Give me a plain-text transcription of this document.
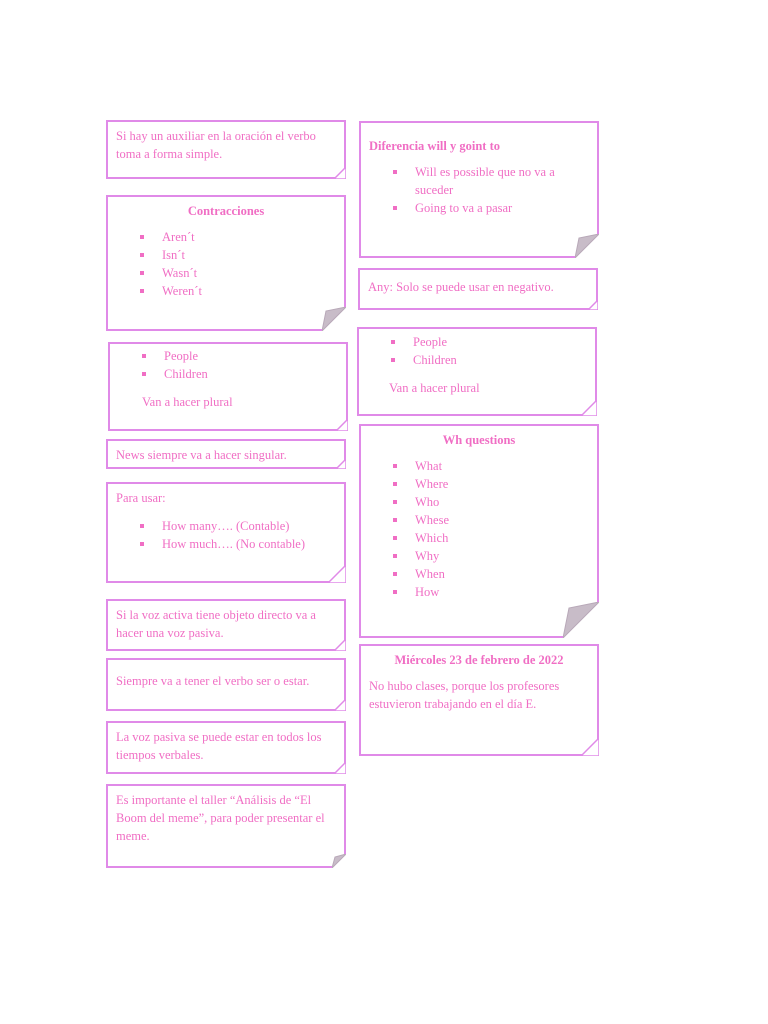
Si hay un auxiliar en la oración el verbo toma a forma simple.

Contracciones
Aren´t
Isn´t
Wasn´t
Weren´t
People
Children

Van a hacer plural

News siempre va a hacer singular.

Para usar:

How many…. (Contable)
How much…. (No contable)

Si la voz activa tiene objeto directo va a hacer una voz pasiva.

Siempre va a tener el verbo ser o estar.

La voz pasiva se puede estar en todos los tiempos verbales.

Es importante el taller “Análisis de “El Boom del meme”, para poder presentar el meme.

Diferencia will y goint to
Will es possible que no va a suceder
Going to va a pasar

Any: Solo se puede usar en negativo.

People
Children

Van a hacer plural

Wh questions
What
Where
Who
Whese
Which
Why
When
How
Miércoles 23 de febrero de 2022

No hubo clases, porque los profesores estuvieron trabajando en el día E.
